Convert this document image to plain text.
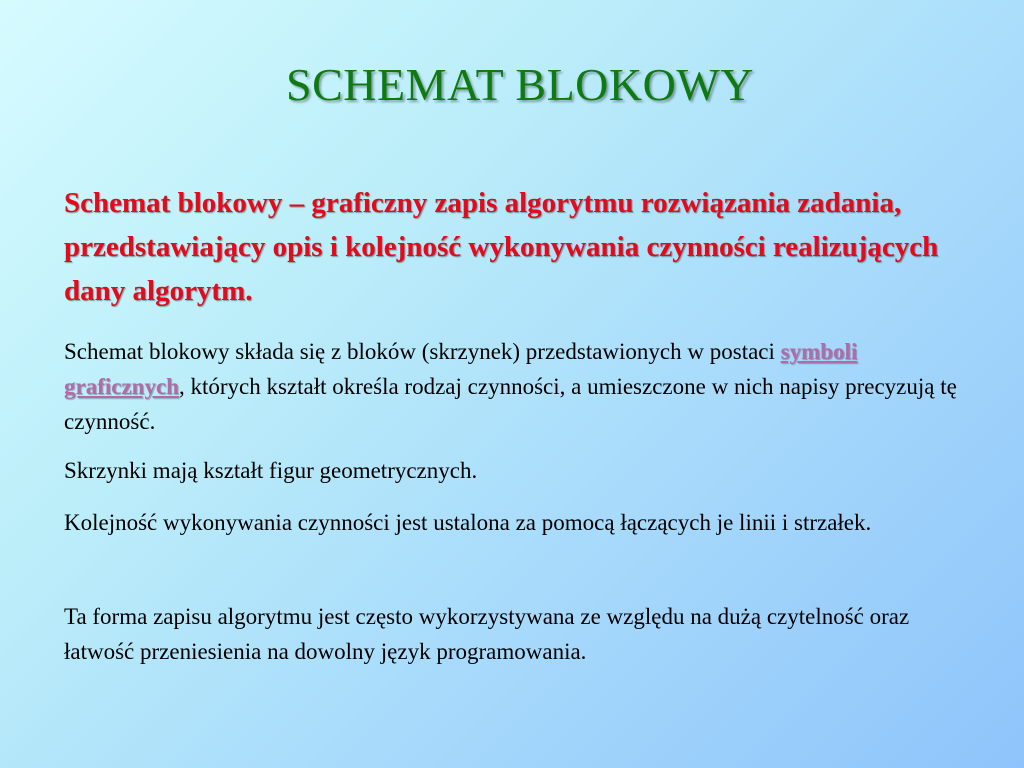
SCHEMAT BLOKOWY
Schemat blokowy – graficzny zapis algorytmu rozwiązania zadania, przedstawiający opis i kolejność wykonywania czynności realizujących dany algorytm.
Schemat blokowy składa się z bloków (skrzynek) przedstawionych w postaci symboli graficznych, których kształt określa rodzaj czynności, a umieszczone w nich napisy precyzują tę czynność.
Skrzynki mają kształt figur geometrycznych.
Kolejność wykonywania czynności jest ustalona za pomocą łączących je linii i strzałek.
Ta forma zapisu algorytmu jest często wykorzystywana ze względu na dużą czytelność oraz łatwość przeniesienia na dowolny język programowania.
